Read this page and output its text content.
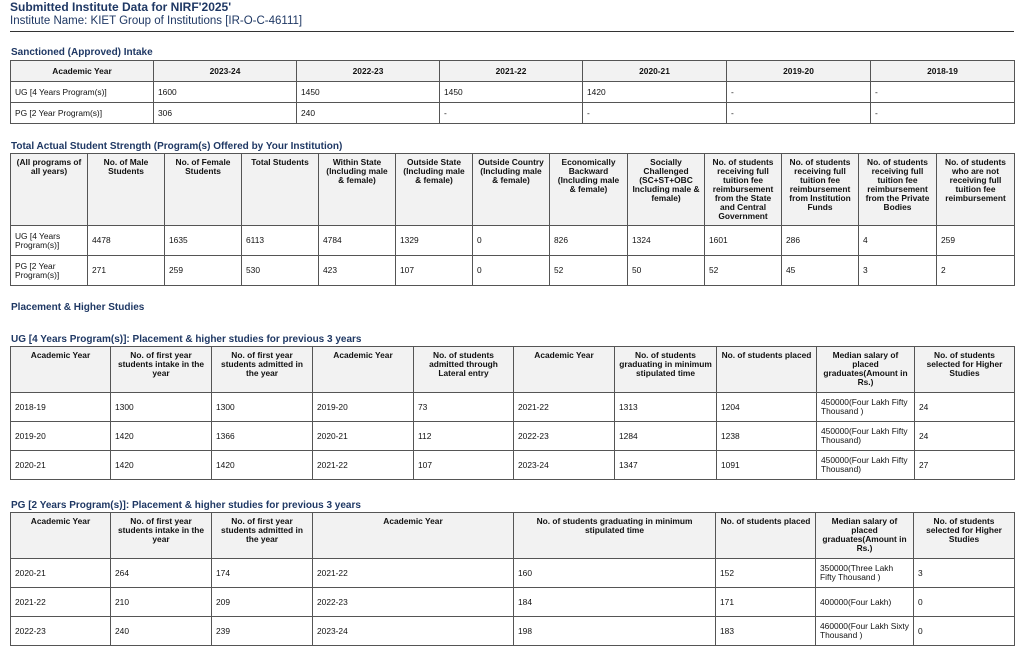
Submitted Institute Data for NIRF'2025'
Institute Name: KIET Group of Institutions [IR-O-C-46111]
Sanctioned (Approved) Intake
Academic Year	2023-24	2022-23	2021-22	2020-21	2019-20	2018-19
UG [4 Years Program(s)]	1600	1450	1450	1420	-	-
PG [2 Year Program(s)]	306	240	-	-	-	-
Total Actual Student Strength (Program(s) Offered by Your Institution)
(All programs of all years)	No. of Male Students	No. of Female Students	Total Students	Within State (Including male & female)	Outside State (Including male & female)	Outside Country (Including male & female)	Economically Backward (Including male & female)	Socially Challenged (SC+ST+OBC Including male & female)	No. of students receiving full tuition fee reimbursement from the State and Central Government	No. of students receiving full tuition fee reimbursement from Institution Funds	No. of students receiving full tuition fee reimbursement from the Private Bodies	No. of students who are not receiving full tuition fee reimbursement
UG [4 Years Program(s)]	4478	1635	6113	4784	1329	0	826	1324	1601	286	4	259
PG [2 Year Program(s)]	271	259	530	423	107	0	52	50	52	45	3	2
Placement & Higher Studies
UG [4 Years Program(s)]: Placement & higher studies for previous 3 years
Academic Year	No. of first year students intake in the year	No. of first year students admitted in the year	Academic Year	No. of students admitted through Lateral entry	Academic Year	No. of students graduating in minimum stipulated time	No. of students placed	Median salary of placed graduates(Amount in Rs.)	No. of students selected for Higher Studies
2018-19	1300	1300	2019-20	73	2021-22	1313	1204	450000(Four Lakh Fifty Thousand )	24
2019-20	1420	1366	2020-21	112	2022-23	1284	1238	450000(Four Lakh Fifty Thousand)	24
2020-21	1420	1420	2021-22	107	2023-24	1347	1091	450000(Four Lakh Fifty Thousand)	27
PG [2 Years Program(s)]: Placement & higher studies for previous 3 years
Academic Year	No. of first year students intake in the year	No. of first year students admitted in the year	Academic Year	No. of students graduating in minimum stipulated time	No. of students placed	Median salary of placed graduates(Amount in Rs.)	No. of students selected for Higher Studies
2020-21	264	174	2021-22	160	152	350000(Three Lakh Fifty Thousand )	3
2021-22	210	209	2022-23	184	171	400000(Four Lakh)	0
2022-23	240	239	2023-24	198	183	460000(Four Lakh Sixty Thousand )	0
